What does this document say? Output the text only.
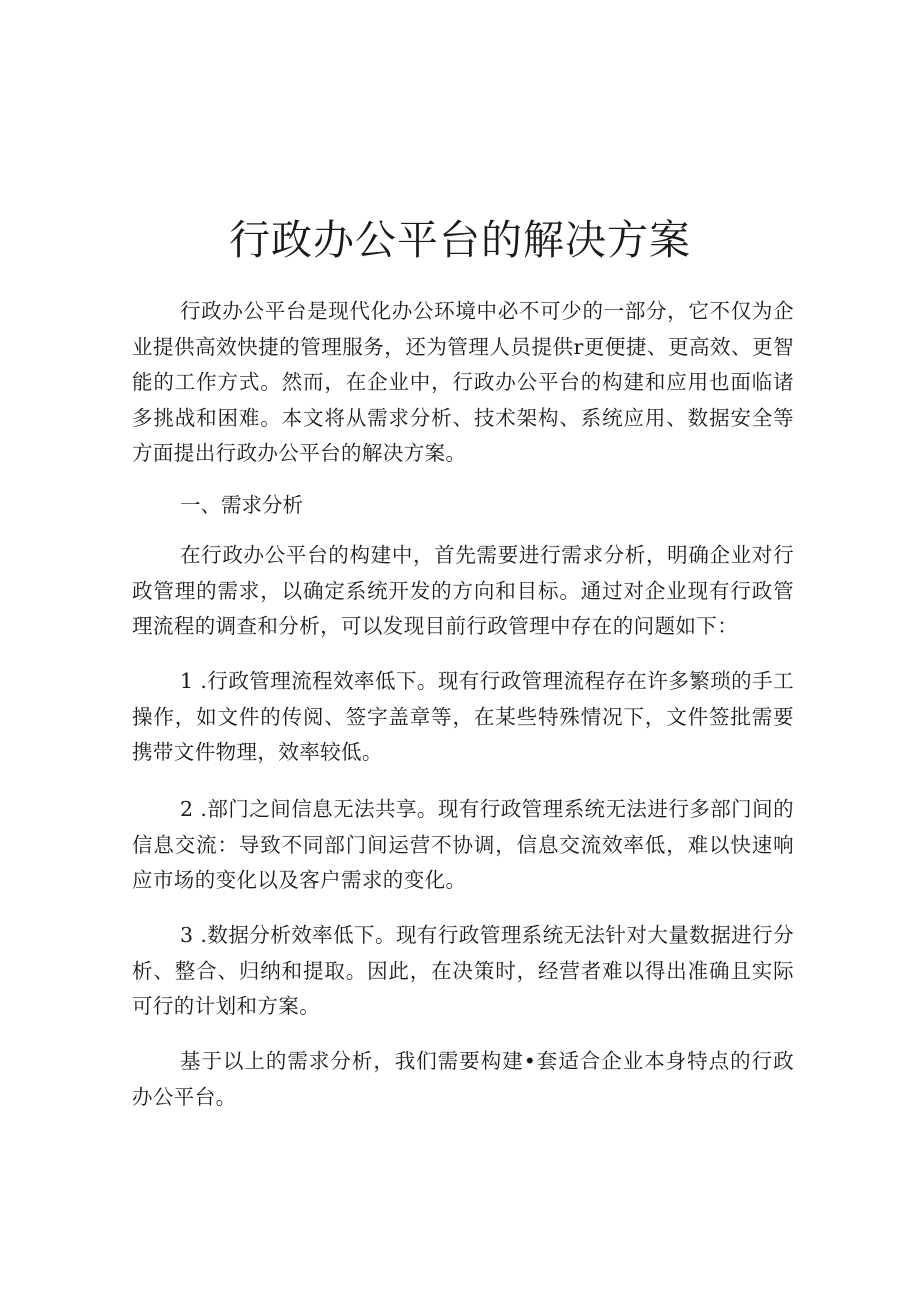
行政办公平台的解决方案

行政办公平台是现代化办公环境中必不可少的一部分，它不仅为企业提供高效快捷的管理服务，还为管理人员提供r更便捷、更高效、更智能的工作方式。然而，在企业中，行政办公平台的构建和应用也面临诸多挑战和困难。本文将从需求分析、技术架构、系统应用、数据安全等方面提出行政办公平台的解决方案。

一、需求分析

在行政办公平台的构建中，首先需要进行需求分析，明确企业对行政管理的需求，以确定系统开发的方向和目标。通过对企业现有行政管理流程的调查和分析，可以发现目前行政管理中存在的问题如下：

1 .行政管理流程效率低下。现有行政管理流程存在许多繁琐的手工操作，如文件的传阅、签字盖章等，在某些特殊情况下，文件签批需要携带文件物理，效率较低。

2 .部门之间信息无法共享。现有行政管理系统无法进行多部门间的信息交流：导致不同部门间运营不协调，信息交流效率低，难以快速响应市场的变化以及客户需求的变化。

3 .数据分析效率低下。现有行政管理系统无法针对大量数据进行分析、整合、归纳和提取。因此，在决策时，经营者难以得出准确且实际可行的计划和方案。

基于以上的需求分析，我们需要构建•套适合企业本身特点的行政办公平台。
